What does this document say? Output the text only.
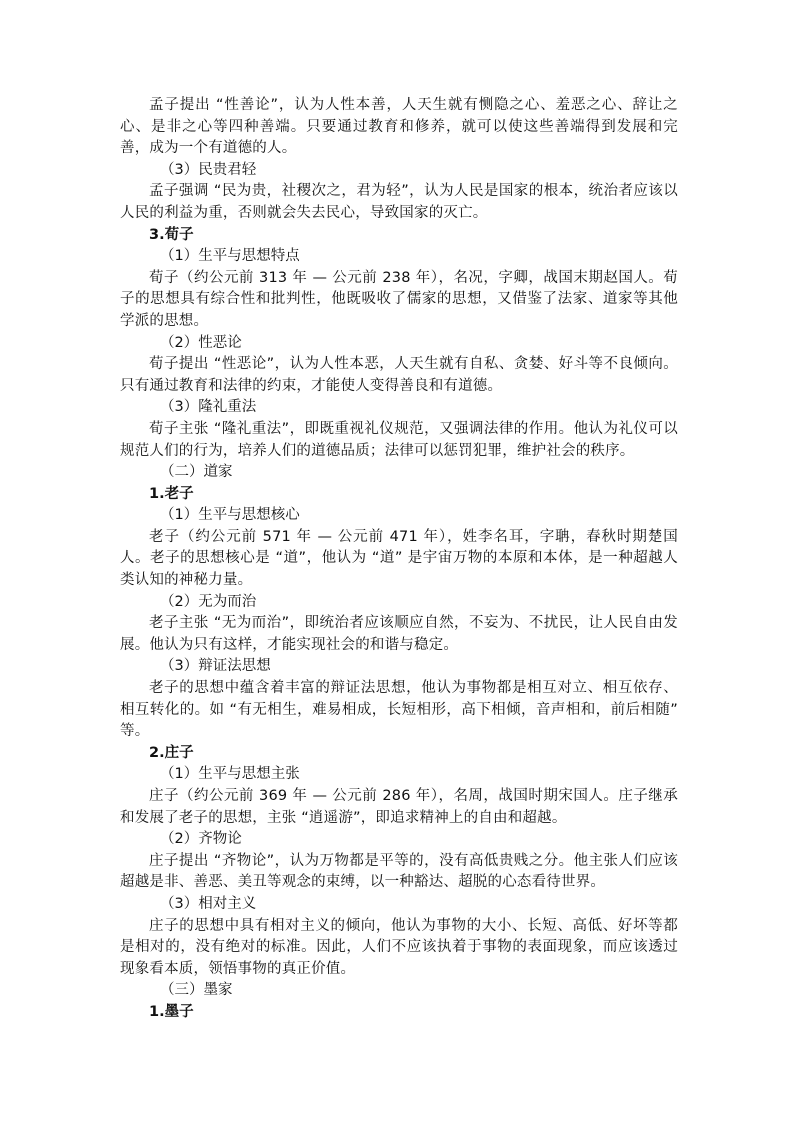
孟子提出 “性善论”，认为人性本善，人天生就有恻隐之心、羞恶之心、辞让之心、是非之心等四种善端。只要通过教育和修养，就可以使这些善端得到发展和完善，成为一个有道德的人。

（3）民贵君轻

孟子强调 “民为贵，社稷次之，君为轻”，认为人民是国家的根本，统治者应该以人民的利益为重，否则就会失去民心，导致国家的灭亡。

3.荀子

（1）生平与思想特点

荀子（约公元前 313 年 — 公元前 238 年），名况，字卿，战国末期赵国人。荀子的思想具有综合性和批判性，他既吸收了儒家的思想，又借鉴了法家、道家等其他学派的思想。

（2）性恶论

荀子提出 “性恶论”，认为人性本恶，人天生就有自私、贪婪、好斗等不良倾向。只有通过教育和法律的约束，才能使人变得善良和有道德。

（3）隆礼重法

荀子主张 “隆礼重法”，即既重视礼仪规范，又强调法律的作用。他认为礼仪可以规范人们的行为，培养人们的道德品质；法律可以惩罚犯罪，维护社会的秩序。

（二）道家

1.老子

（1）生平与思想核心

老子（约公元前 571 年 — 公元前 471 年），姓李名耳，字聃，春秋时期楚国人。老子的思想核心是 “道”，他认为 “道” 是宇宙万物的本原和本体，是一种超越人类认知的神秘力量。

（2）无为而治

老子主张 “无为而治”，即统治者应该顺应自然，不妄为、不扰民，让人民自由发展。他认为只有这样，才能实现社会的和谐与稳定。

（3）辩证法思想

老子的思想中蕴含着丰富的辩证法思想，他认为事物都是相互对立、相互依存、相互转化的。如 “有无相生，难易相成，长短相形，高下相倾，音声相和，前后相随” 等。

2.庄子

（1）生平与思想主张

庄子（约公元前 369 年 — 公元前 286 年），名周，战国时期宋国人。庄子继承和发展了老子的思想，主张 “逍遥游”，即追求精神上的自由和超越。

（2）齐物论

庄子提出 “齐物论”，认为万物都是平等的，没有高低贵贱之分。他主张人们应该超越是非、善恶、美丑等观念的束缚，以一种豁达、超脱的心态看待世界。

（3）相对主义

庄子的思想中具有相对主义的倾向，他认为事物的大小、长短、高低、好坏等都是相对的，没有绝对的标准。因此，人们不应该执着于事物的表面现象，而应该透过现象看本质，领悟事物的真正价值。

（三）墨家

1.墨子
